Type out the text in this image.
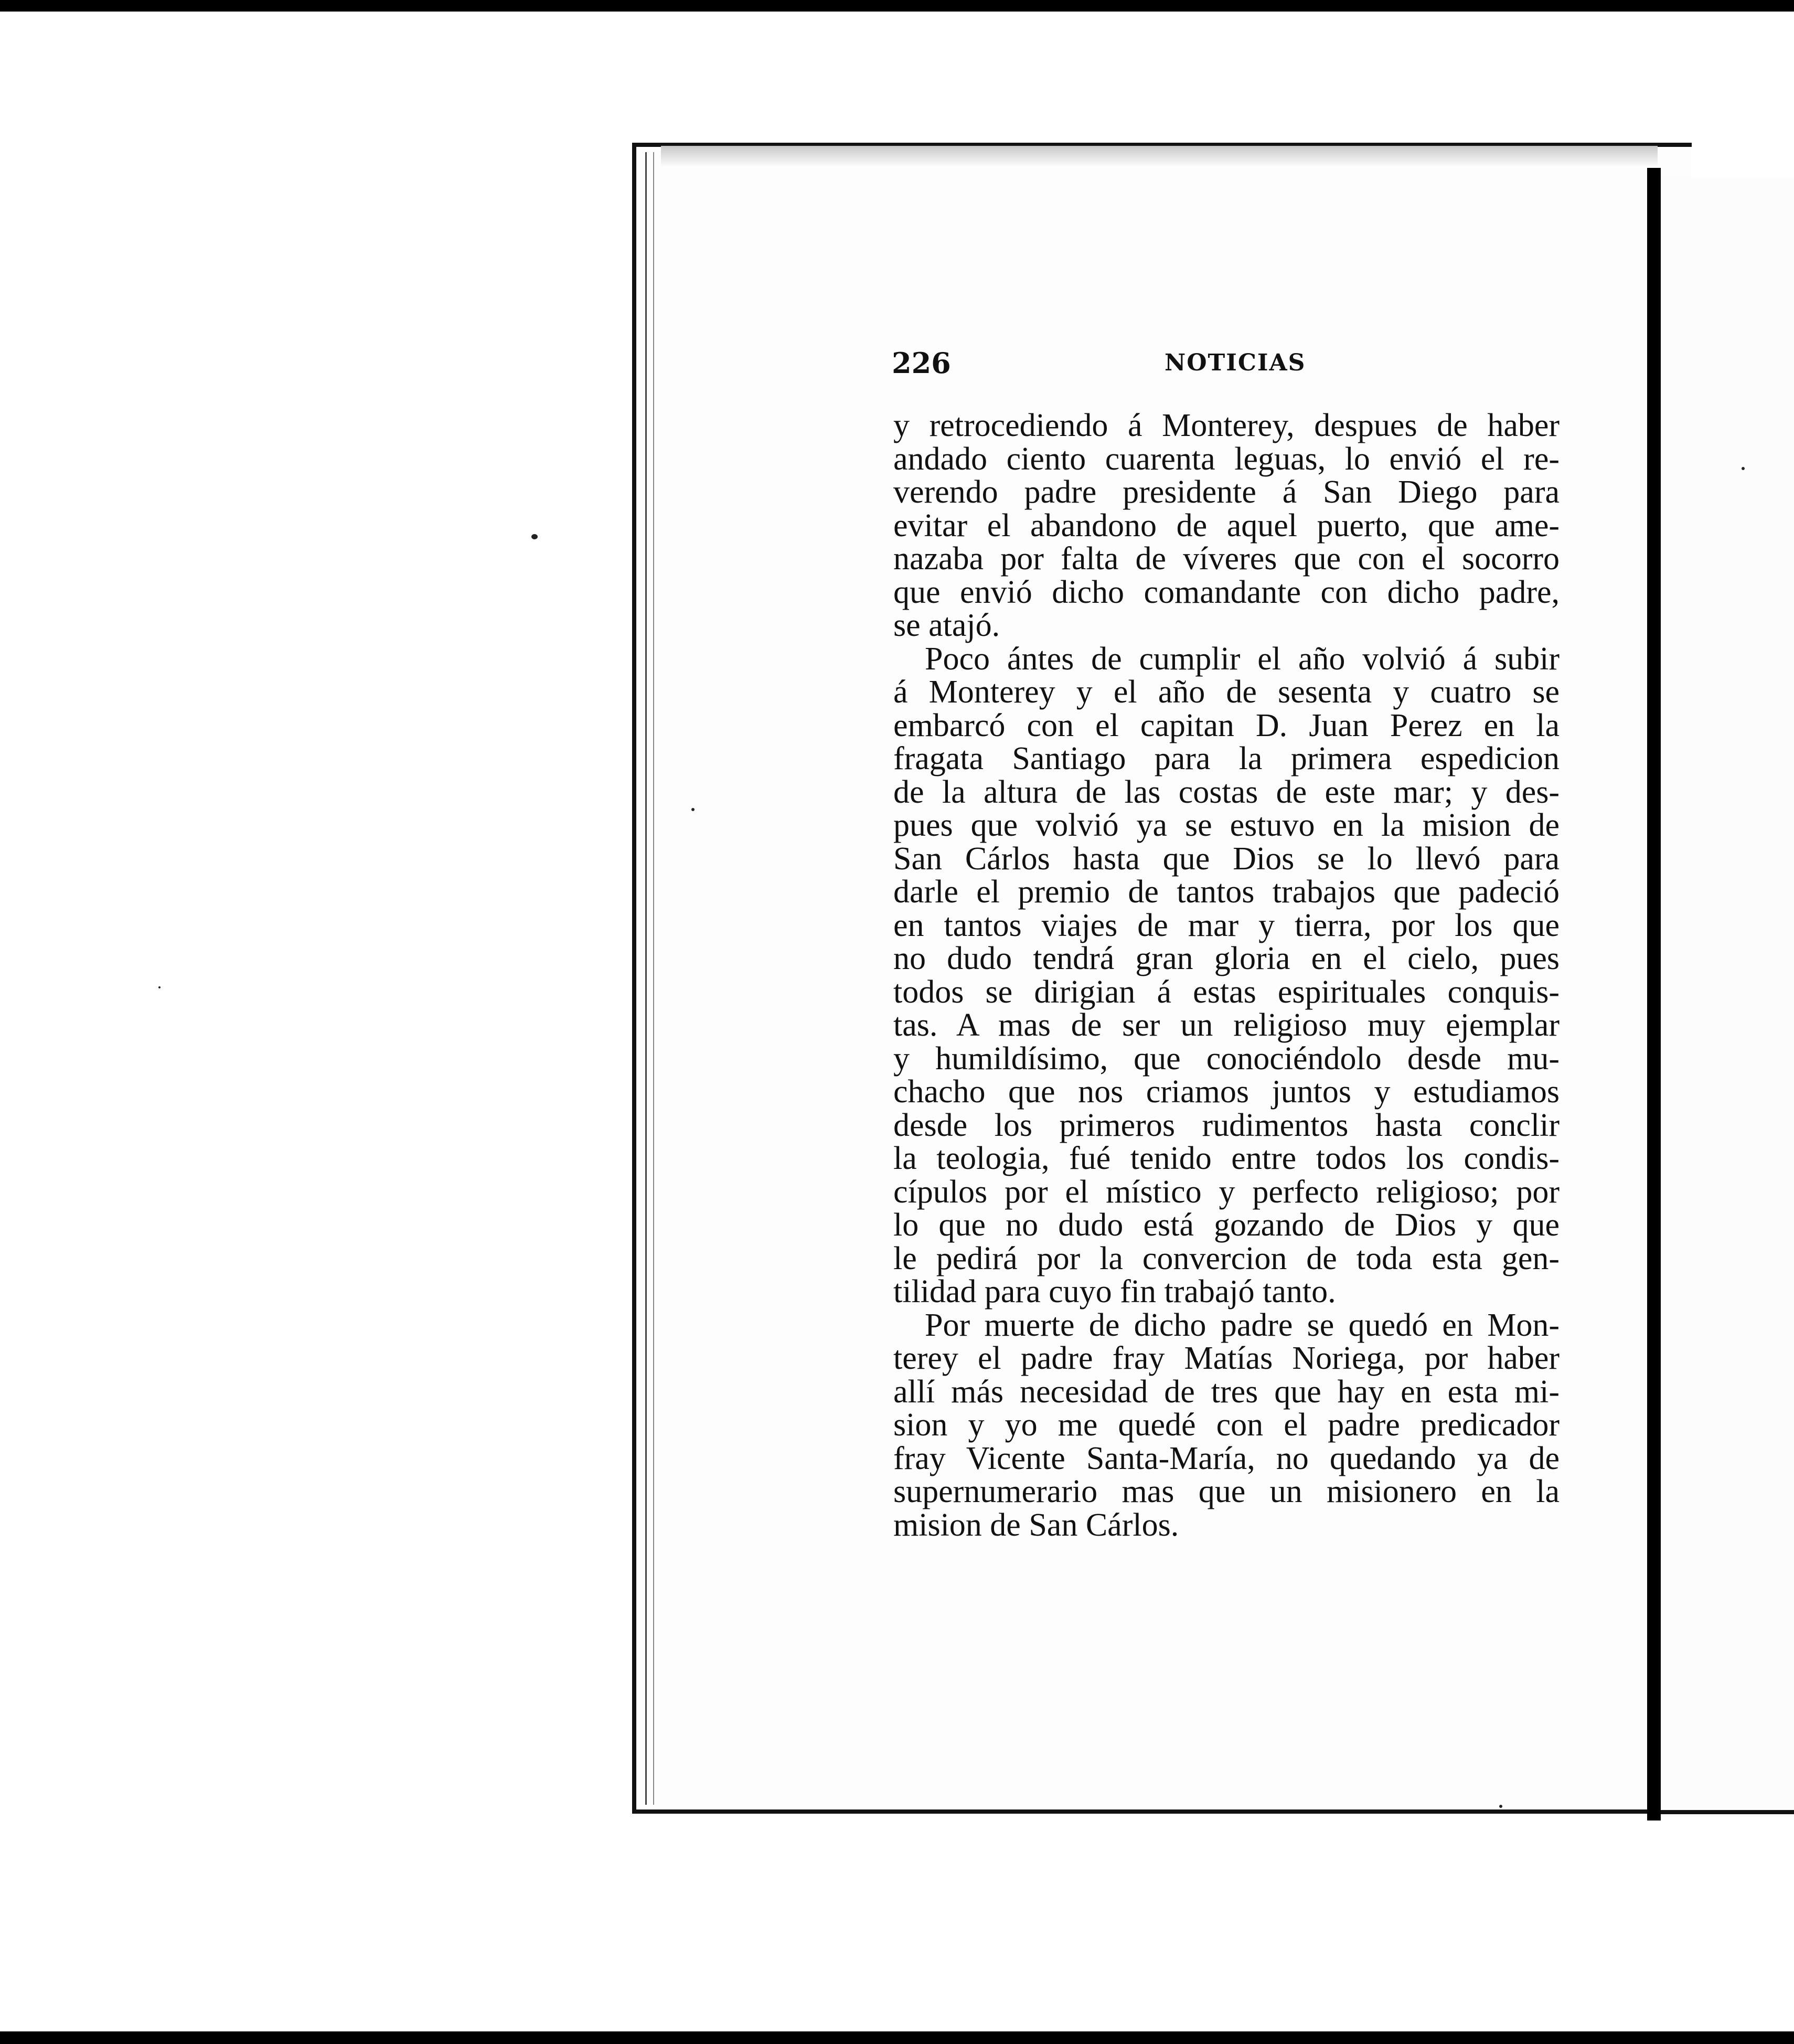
226	NOTICIAS
y retrocediendo á Monterey, despues de haber
andado ciento cuarenta leguas, lo envió el re-
verendo padre presidente á San Diego para
evitar el abandono de aquel puerto, que ame-
nazaba por falta de víveres que con el socorro
que envió dicho comandante con dicho padre,
se atajó.
Poco ántes de cumplir el año volvió á subir
á Monterey y el año de sesenta y cuatro se
embarcó con el capitan D. Juan Perez en la
fragata Santiago para la primera espedicion
de la altura de las costas de este mar; y des-
pues que volvió ya se estuvo en la mision de
San Cárlos hasta que Dios se lo llevó para
darle el premio de tantos trabajos que padeció
en tantos viajes de mar y tierra, por los que
no dudo tendrá gran gloria en el cielo, pues
todos se dirigian á estas espirituales conquis-
tas. A mas de ser un religioso muy ejemplar
y humildísimo, que conociéndolo desde mu-
chacho que nos criamos juntos y estudiamos
desde los primeros rudimentos hasta conclir
la teologia, fué tenido entre todos los condis-
cípulos por el místico y perfecto religioso; por
lo que no dudo está gozando de Dios y que
le pedirá por la convercion de toda esta gen-
tilidad para cuyo fin trabajó tanto.
Por muerte de dicho padre se quedó en Mon-
terey el padre fray Matías Noriega, por haber
allí más necesidad de tres que hay en esta mi-
sion y yo me quedé con el padre predicador
fray Vicente Santa-María, no quedando ya de
supernumerario mas que un misionero en la
mision de San Cárlos.
